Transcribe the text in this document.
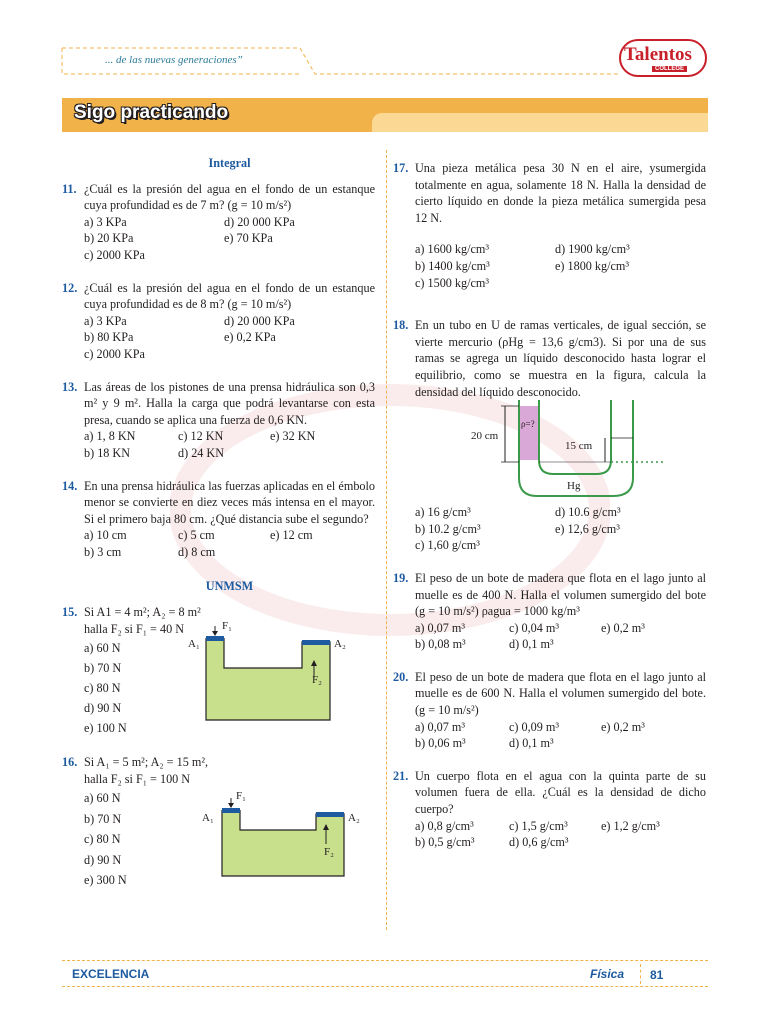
... de las nuevas generaciones”	Talentos
COLLEGE
Sigo practicando
Integral
11. ¿Cuál es la presión del agua en el fondo de un estanque cuya profundidad es de 7 m? (g = 10 m/s²)
a) 3 KPa	d) 20 000 KPa
b) 20 KPa	e) 70 KPa
c) 2000 KPa
12. ¿Cuál es la presión del agua en el fondo de un estanque cuya profundidad es de 8 m? (g = 10 m/s²)
a) 3 KPa	d) 20 000 KPa
b) 80 KPa	e) 0,2 KPa
c) 2000 KPa
13. Las áreas de los pistones de una prensa hidráulica son 0,3 m² y 9 m². Halla la carga que podrá levantarse con esta presa, cuando se aplica una fuerza de 0,6 KN.
a) 1, 8 KN	c) 12 KN	e) 32 KN
b) 18 KN	d) 24 KN
14. En una prensa hidráulica las fuerzas aplicadas en el émbolo menor se convierte en diez veces más intensa en el mayor. Si el primero baja 80 cm. ¿Qué distancia sube el segundo?
a) 10 cm	c) 5 cm	e) 12 cm
b) 3 cm	d) 8 cm
UNMSM
15. Si A1 = 4 m²; A₂ = 8 m²
halla F₂ si F₁ = 40 N
a) 60 N
b) 70 N
c) 80 N
d) 90 N
e) 100 N
F₁
A₁	A₂
F₂
16. Si A₁ = 5 m²; A₂ = 15 m²,
halla F₂ si F₁ = 100 N
a) 60 N
b) 70 N
c) 80 N
d) 90 N
e) 300 N
F₁
A₁	A₂
F₂
17. Una pieza metálica pesa 30 N en el aire, ysumergida totalmente en agua, solamente 18 N. Halla la densidad de cierto líquido en donde la pieza metálica sumergida pesa 12 N.
a) 1600 kg/cm³	d) 1900 kg/cm³
b) 1400 kg/cm³	e) 1800 kg/cm³
c) 1500 kg/cm³
18. En un tubo en U de ramas verticales, de igual sección, se vierte mercurio (ρHg = 13,6 g/cm3). Si por una de sus ramas se agrega un líquido desconocido hasta lograr el equilibrio, como se muestra en la figura, calcula la densidad del líquido desconocido.
20 cm
15 cm
ρ=?
Hg
a) 16 g/cm³	d) 10.6 g/cm³
b) 10.2 g/cm³	e) 12,6 g/cm³
c) 1,60 g/cm³
19. El peso de un bote de madera que flota en el lago junto al muelle es de 400 N. Halla el volumen sumergido del bote (g = 10 m/s²) ρagua = 1000 kg/m³
a) 0,07 m³	c) 0,04 m³	e) 0,2 m³
b) 0,08 m³	d) 0,1 m³
20. El peso de un bote de madera que flota en el lago junto al muelle es de 600 N. Halla el volumen sumergido del bote. (g = 10 m/s²)
a) 0,07 m³	c) 0,09 m³	e) 0,2 m³
b) 0,06 m³	d) 0,1 m³
21. Un cuerpo flota en el agua con la quinta parte de su volumen fuera de ella. ¿Cuál es la densidad de dicho cuerpo?
a) 0,8 g/cm³	c) 1,5 g/cm³	e) 1,2 g/cm³
b) 0,5 g/cm³	d) 0,6 g/cm³
EXCELENCIA	Física 81
